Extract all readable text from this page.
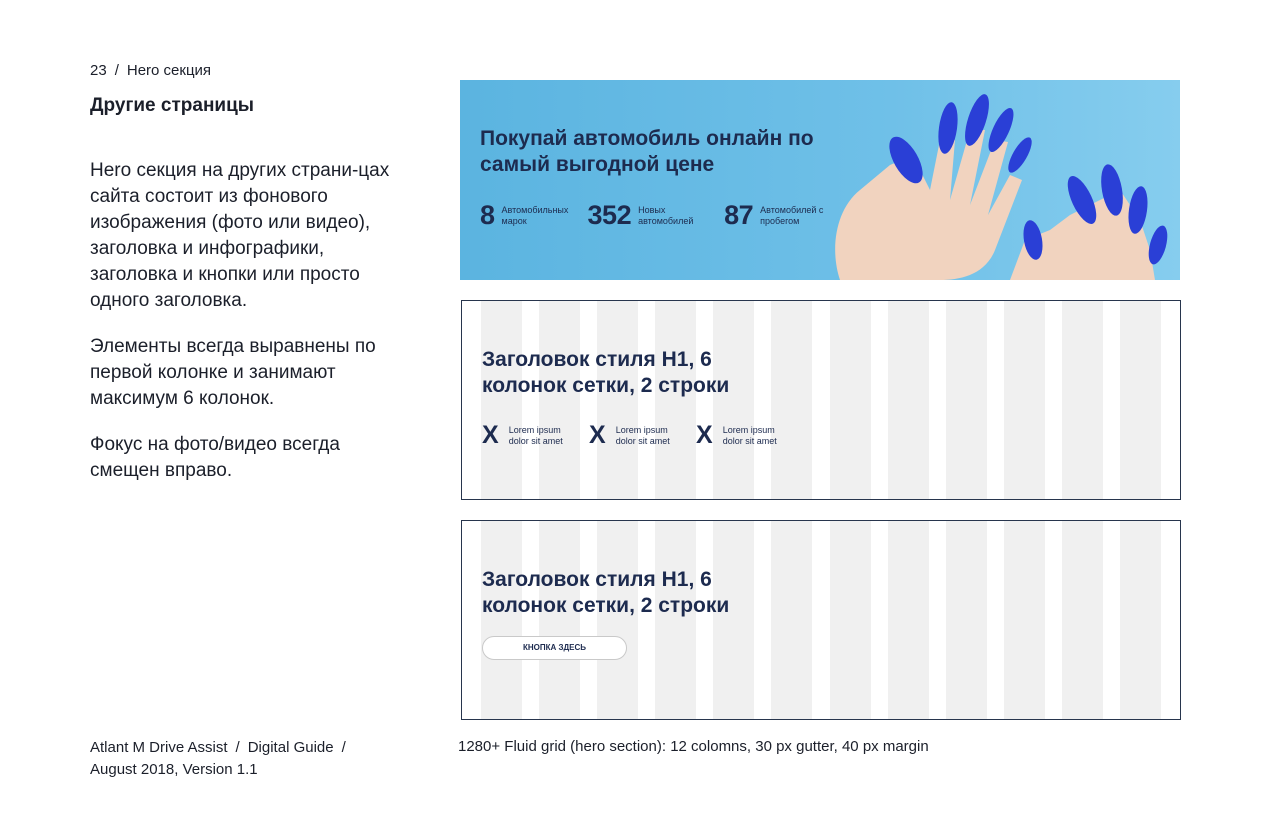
23 / Hero секция
Другие страницы

Hero секция на других страни-цах сайта состоит из фонового изображения (фото или видео), заголовка и инфографики, заголовка и кнопки или просто одного заголовка.

Элементы всегда выравнены по первой колонке и занимают максимум 6 колонок.

Фокус на фото/видео всегда смещен вправо.

Покупай автомобиль онлайн по самый выгодной цене
8 Автомобильных марок	352 Новых автомобилей	87 Автомобилей с пробегом
Заголовок стиля H1, 6 колонок сетки, 2 строки
X Lorem ipsum dolor sit amet	X Lorem ipsum dolor sit amet	X Lorem ipsum dolor sit amet
Заголовок стиля H1, 6 колонок сетки, 2 строки
КНОПКА ЗДЕСЬ
Atlant M Drive Assist / Digital Guide /
August 2018, Version 1.1
1280+ Fluid grid (hero section): 12 colomns, 30 px gutter, 40 px margin
